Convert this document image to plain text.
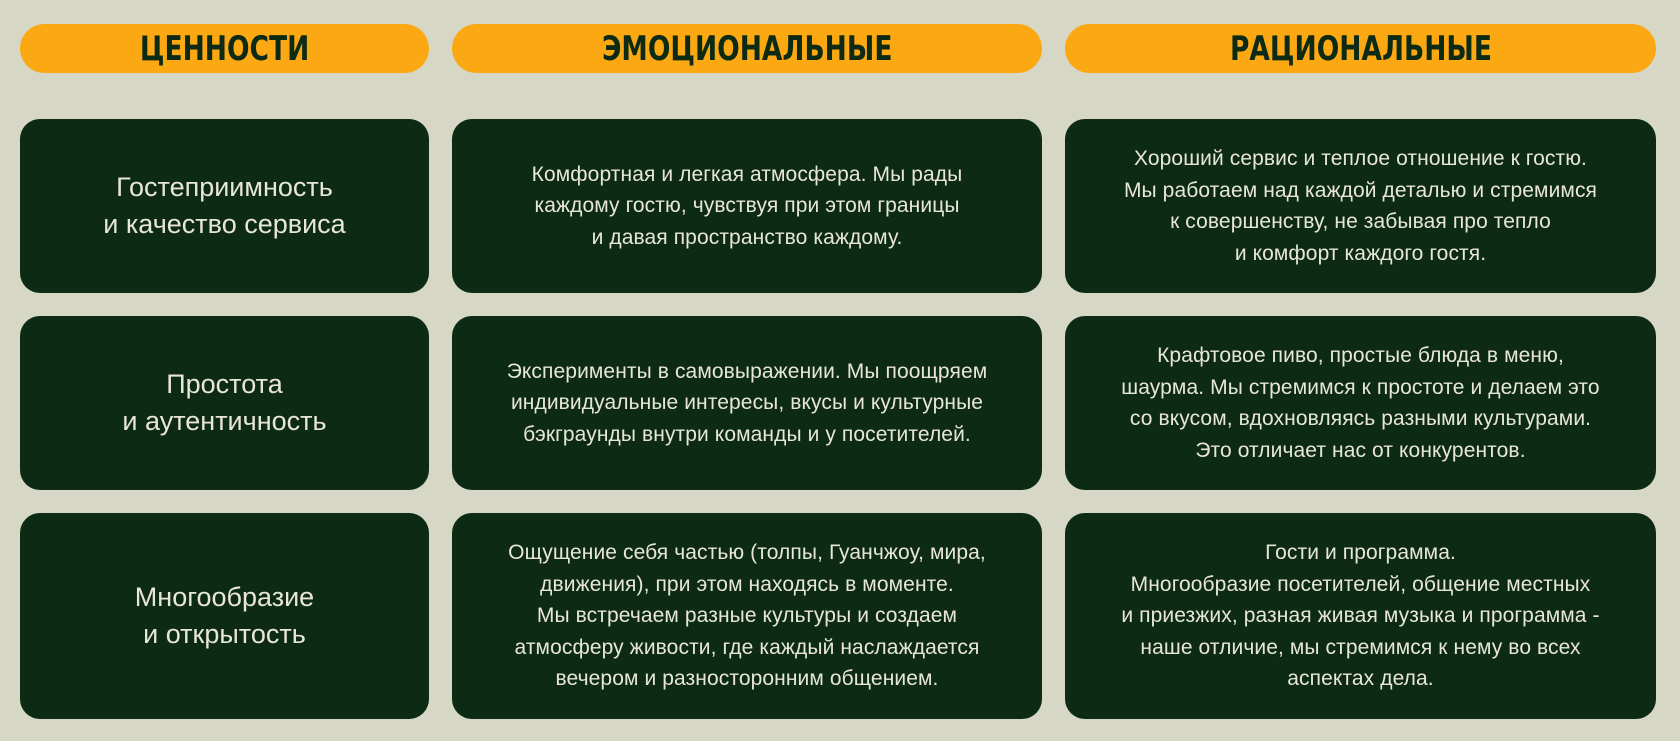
ЦЕННОСТИ	ЭМОЦИОНАЛЬНЫЕ	РАЦИОНАЛЬНЫЕ
Гостеприимность
и качество сервиса
Комфортная и легкая атмосфера. Мы рады
каждому гостю, чувствуя при этом границы
и давая пространство каждому.
Хороший сервис и теплое отношение к гостю.
Мы работаем над каждой деталью и стремимся
к совершенству, не забывая про тепло
и комфорт каждого гостя.
Простота
и аутентичность
Эксперименты в самовыражении. Мы поощряем
индивидуальные интересы, вкусы и культурные
бэкграунды внутри команды и у посетителей.
Крафтовое пиво, простые блюда в меню,
шаурма. Мы стремимся к простоте и делаем это
со вкусом, вдохновляясь разными культурами.
Это отличает нас от конкурентов.
Многообразие
и открытость
Ощущение себя частью (толпы, Гуанчжоу, мира,
движения), при этом находясь в моменте.
Мы встречаем разные культуры и создаем
атмосферу живости, где каждый наслаждается
вечером и разносторонним общением.
Гости и программа.
Многообразие посетителей, общение местных
и приезжих, разная живая музыка и программа -
наше отличие, мы стремимся к нему во всех
аспектах дела.
